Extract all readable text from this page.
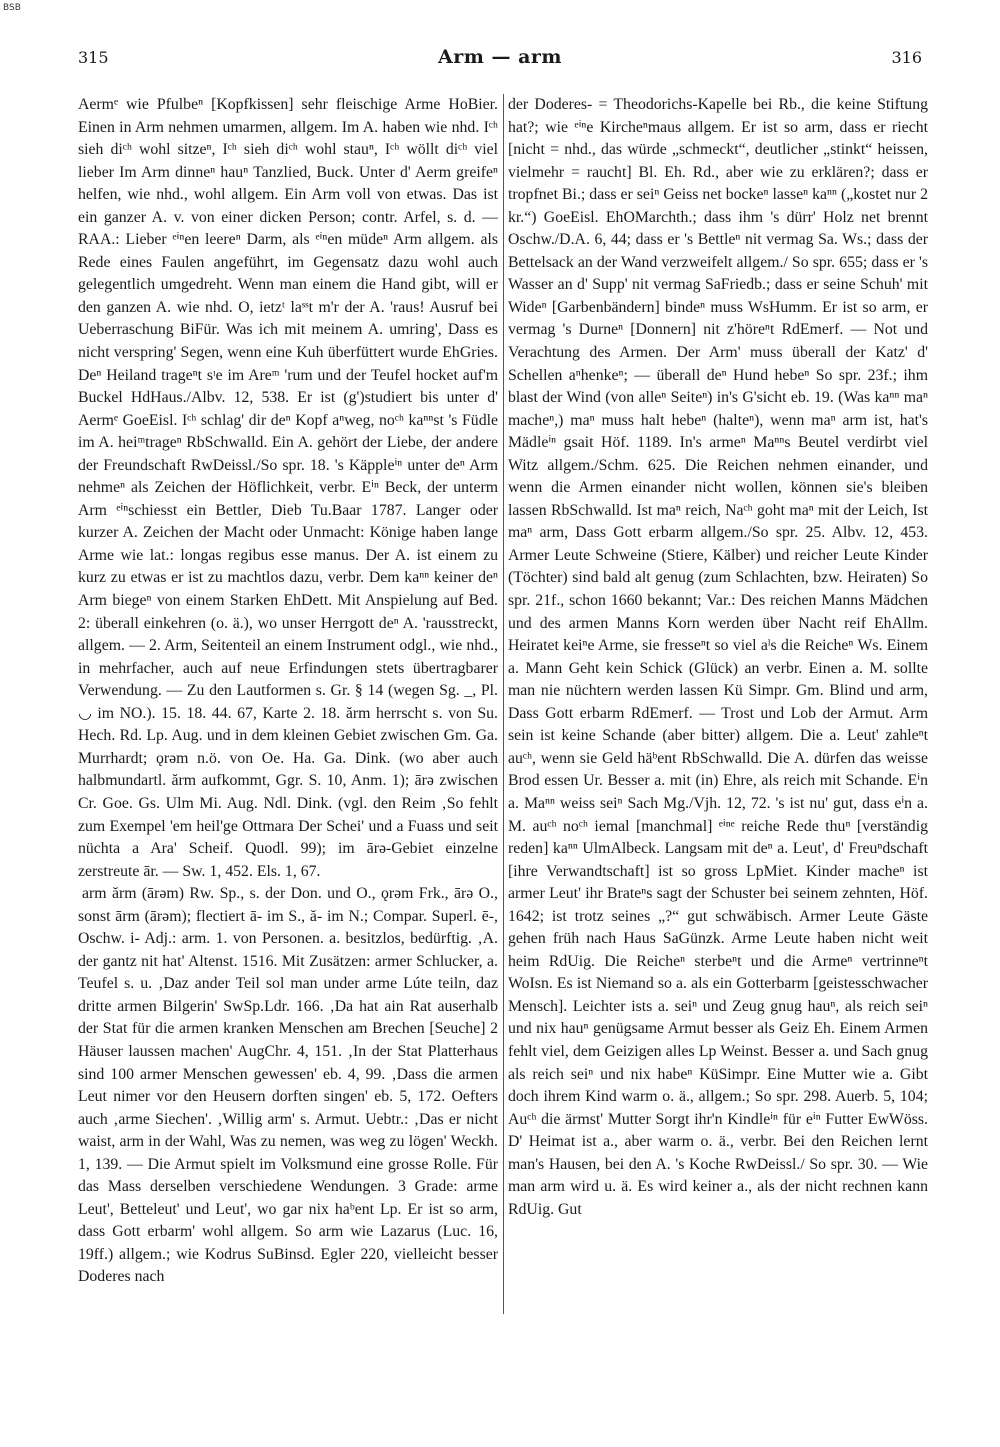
BSB
315	Arm — arm	316

Aermᵉ wie Pfulbeⁿ [Kopfkissen] sehr fleischige Arme HoBier. Einen in Arm nehmen umarmen, allgem. Im A. haben wie nhd. Iᶜʰ sieh diᶜʰ wohl sitzeⁿ, Iᶜʰ sieh diᶜʰ wohl stauⁿ, Iᶜʰ wöllt diᶜʰ viel lieber Im Arm dinneⁿ hauⁿ Tanzlied, Buck. Unter d' Aerm greifeⁿ helfen, wie nhd., wohl allgem. Ein Arm voll von etwas. Das ist ein ganzer A. v. von einer dicken Person; contr. Arfel, s. d. — RAA.: Lieber ᵉⁱⁿen leereⁿ Darm, als ᵉⁱⁿen müdeⁿ Arm allgem. als Rede eines Faulen angeführt, im Gegensatz dazu wohl auch gelegentlich umgedreht. Wenn man einem die Hand gibt, will er den ganzen A. wie nhd. O, ietzᵗ laˢˢt m'r der A. 'raus! Ausruf bei Ueberraschung BiFür. Was ich mit meinem A. umring', Dass es nicht verspring' Segen, wenn eine Kuh überfüttert wurde EhGries. Deⁿ Heiland trageⁿt sᶦe im Areᵐ 'rum und der Teufel hocket auf'm Buckel HdHaus./Albv. 12, 538. Er ist (g')studiert bis unter d' Aermᵉ GoeEisl. Iᶜʰ schlag' dir deⁿ Kopf aⁿweg, noᶜʰ kaⁿⁿst 's Füdle im A. heiᵐtrageⁿ RbSchwalld. Ein A. gehört der Liebe, der andere der Freundschaft RwDeissl./So spr. 18. 's Käppleⁱⁿ unter deⁿ Arm nehmeⁿ als Zeichen der Höflichkeit, verbr. Eⁱⁿ Beck, der unterm Arm ᵉⁱⁿschiesst ein Bettler, Dieb Tu.Baar 1787. Langer oder kurzer A. Zeichen der Macht oder Unmacht: Könige haben lange Arme wie lat.: longas regibus esse manus. Der A. ist einem zu kurz zu etwas er ist zu machtlos dazu, verbr. Dem kaⁿⁿ keiner deⁿ Arm biegeⁿ von einem Starken EhDett. Mit Anspielung auf Bed. 2: überall einkehren (o. ä.), wo unser Herrgott deⁿ A. 'rausstreckt, allgem. — 2. Arm, Seitenteil an einem Instrument odgl., wie nhd., in mehrfacher, auch auf neue Erfindungen stets übertragbarer Verwendung. — Zu den Lautformen s. Gr. § 14 (wegen Sg. _, Pl. ◡ im NO.). 15. 18. 44. 67, Karte 2. 18. ărm herrscht s. von Su. Hech. Rd. Lp. Aug. und in dem kleinen Gebiet zwischen Gm. Ga. Murrhardt; ǫrəm n.ö. von Oe. Ha. Ga. Dink. (wo aber auch halbmundartl. ărm aufkommt, Ggr. S. 10, Anm. 1); ārə zwischen Cr. Goe. Gs. Ulm Mi. Aug. Ndl. Dink. (vgl. den Reim ‚So fehlt zum Exempel 'em heil'ge Ottmara Der Schei' und a Fuass und seit nüchta a Ara' Scheif. Quodl. 99); im ārə-Gebiet einzelne zerstreute ār. — Sw. 1, 452. Els. 1, 67.

arm ărm (ārəm) Rw. Sp., s. der Don. und O., ǫrəm Frk., ārə O., sonst ārm (ārəm); flectiert ā- im S., ă- im N.; Compar. Superl. ē-, Oschw. i- Adj.: arm. 1. von Personen. a. besitzlos, bedürftig. ‚A. der gantz nit hat' Altenst. 1516. Mit Zusätzen: armer Schlucker, a. Teufel s. u. ‚Daz ander Teil sol man under arme Lúte teiln, daz dritte armen Bilgerin' SwSp.Ldr. 166. ‚Da hat ain Rat auserhalb der Stat für die armen kranken Menschen am Brechen [Seuche] 2 Häuser laussen machen' AugChr. 4, 151. ‚In der Stat Platterhaus sind 100 armer Menschen gewessen' eb. 4, 99. ‚Dass die armen Leut nimer vor den Heusern dorften singen' eb. 5, 172. Oefters auch ‚arme Siechen'. ‚Willig arm' s. Armut. Uebtr.: ‚Das er nicht waist, arm in der Wahl, Was zu nemen, was weg zu lögen' Weckh. 1, 139. — Die Armut spielt im Volksmund eine grosse Rolle. Für das Mass derselben verschiedene Wendungen. 3 Grade: arme Leut', Betteleut' und Leut', wo gar nix haᵇent Lp. Er ist so arm, dass Gott erbarm' wohl allgem. So arm wie Lazarus (Luc. 16, 19ff.) allgem.; wie Kodrus SuBinsd. Egler 220, vielleicht besser Doderes nach

der Doderes- = Theodorichs-Kapelle bei Rb., die keine Stiftung hat?; wie ᵉⁱⁿe Kircheⁿmaus allgem. Er ist so arm, dass er riecht [nicht = nhd., das würde „schmeckt“, deutlicher „stinkt“ heissen, vielmehr = raucht] Bl. Eh. Rd., aber wie zu erklären?; dass er tropfnet Bi.; dass er seiⁿ Geiss net bockeⁿ lasseⁿ kaⁿⁿ („kostet nur 2 kr.“) GoeEisl. EhOMarchth.; dass ihm 's dürr' Holz net brennt Oschw./D.A. 6, 44; dass er 's Bettleⁿ nit vermag Sa. Ws.; dass der Bettelsack an der Wand verzweifelt allgem./ So spr. 655; dass er 's Wasser an d' Supp' nit vermag SaFriedb.; dass er seine Schuh' mit Wideⁿ [Garbenbändern] bindeⁿ muss WsHumm. Er ist so arm, er vermag 's Durneⁿ [Donnern] nit z'höreⁿt RdEmerf. — Not und Verachtung des Armen. Der Arm' muss überall der Katz' d' Schellen aⁿhenkeⁿ; — überall deⁿ Hund hebeⁿ So spr. 23f.; ihm blast der Wind (von alleⁿ Seiteⁿ) in's G'sicht eb. 19. (Was kaⁿⁿ maⁿ macheⁿ,) maⁿ muss halt hebeⁿ (halteⁿ), wenn maⁿ arm ist, hat's Mädleⁱⁿ gsait Höf. 1189. In's armeⁿ Maⁿⁿs Beutel verdirbt viel Witz allgem./Schm. 625. Die Reichen nehmen einander, und wenn die Armen einander nicht wollen, können sie's bleiben lassen RbSchwalld. Ist maⁿ reich, Naᶜʰ goht maⁿ mit der Leich, Ist maⁿ arm, Dass Gott erbarm allgem./So spr. 25. Albv. 12, 453. Armer Leute Schweine (Stiere, Kälber) und reicher Leute Kinder (Töchter) sind bald alt genug (zum Schlachten, bzw. Heiraten) So spr. 21f., schon 1660 bekannt; Var.: Des reichen Manns Mädchen und des armen Manns Korn werden über Nacht reif EhAllm. Heiratet keiⁿe Arme, sie fresseⁿt so viel aˡs die Reicheⁿ Ws. Einem a. Mann Geht kein Schick (Glück) an verbr. Einen a. M. sollte man nie nüchtern werden lassen Kü Simpr. Gm. Blind und arm, Dass Gott erbarm RdEmerf. — Trost und Lob der Armut. Arm sein ist keine Schande (aber bitter) allgem. Die a. Leut' zahleⁿt auᶜʰ, wenn sie Geld häᵇent RbSchwalld. Die A. dürfen das weisse Brod essen Ur. Besser a. mit (in) Ehre, als reich mit Schande. Eⁱn a. Maⁿⁿ weiss seiⁿ Sach Mg./Vjh. 12, 72. 's ist nu' gut, dass eⁱn a. M. auᶜʰ noᶜʰ iemal [manchmal] ᵉⁱⁿᵉ reiche Rede thuⁿ [verständig reden] kaⁿⁿ UlmAlbeck. Langsam mit deⁿ a. Leut', d' Freuⁿdschaft [ihre Verwandtschaft] ist so gross LpMiet. Kinder macheⁿ ist armer Leut' ihr Brateⁿs sagt der Schuster bei seinem zehnten, Höf. 1642; ist trotz seines „?“ gut schwäbisch. Armer Leute Gäste gehen früh nach Haus SaGünzk. Arme Leute haben nicht weit heim RdUig. Die Reicheⁿ sterbeⁿt und die Armeⁿ vertrinneⁿt WoIsn. Es ist Niemand so a. als ein Gotterbarm [geistesschwacher Mensch]. Leichter ists a. seiⁿ und Zeug gnug hauⁿ, als reich seiⁿ und nix hauⁿ genügsame Armut besser als Geiz Eh. Einem Armen fehlt viel, dem Geizigen alles Lp Weinst. Besser a. und Sach gnug als reich seiⁿ und nix habeⁿ KüSimpr. Eine Mutter wie a. Gibt doch ihrem Kind warm o. ä., allgem.; So spr. 298. Auerb. 5, 104; Auᶜʰ die ärmst' Mutter Sorgt ihr'n Kindleⁱⁿ für eⁱⁿ Futter EwWöss. D' Heimat ist a., aber warm o. ä., verbr. Bei den Reichen lernt man's Hausen, bei den A. 's Koche RwDeissl./ So spr. 30. — Wie man arm wird u. ä. Es wird keiner a., als der nicht rechnen kann RdUig. Gut
